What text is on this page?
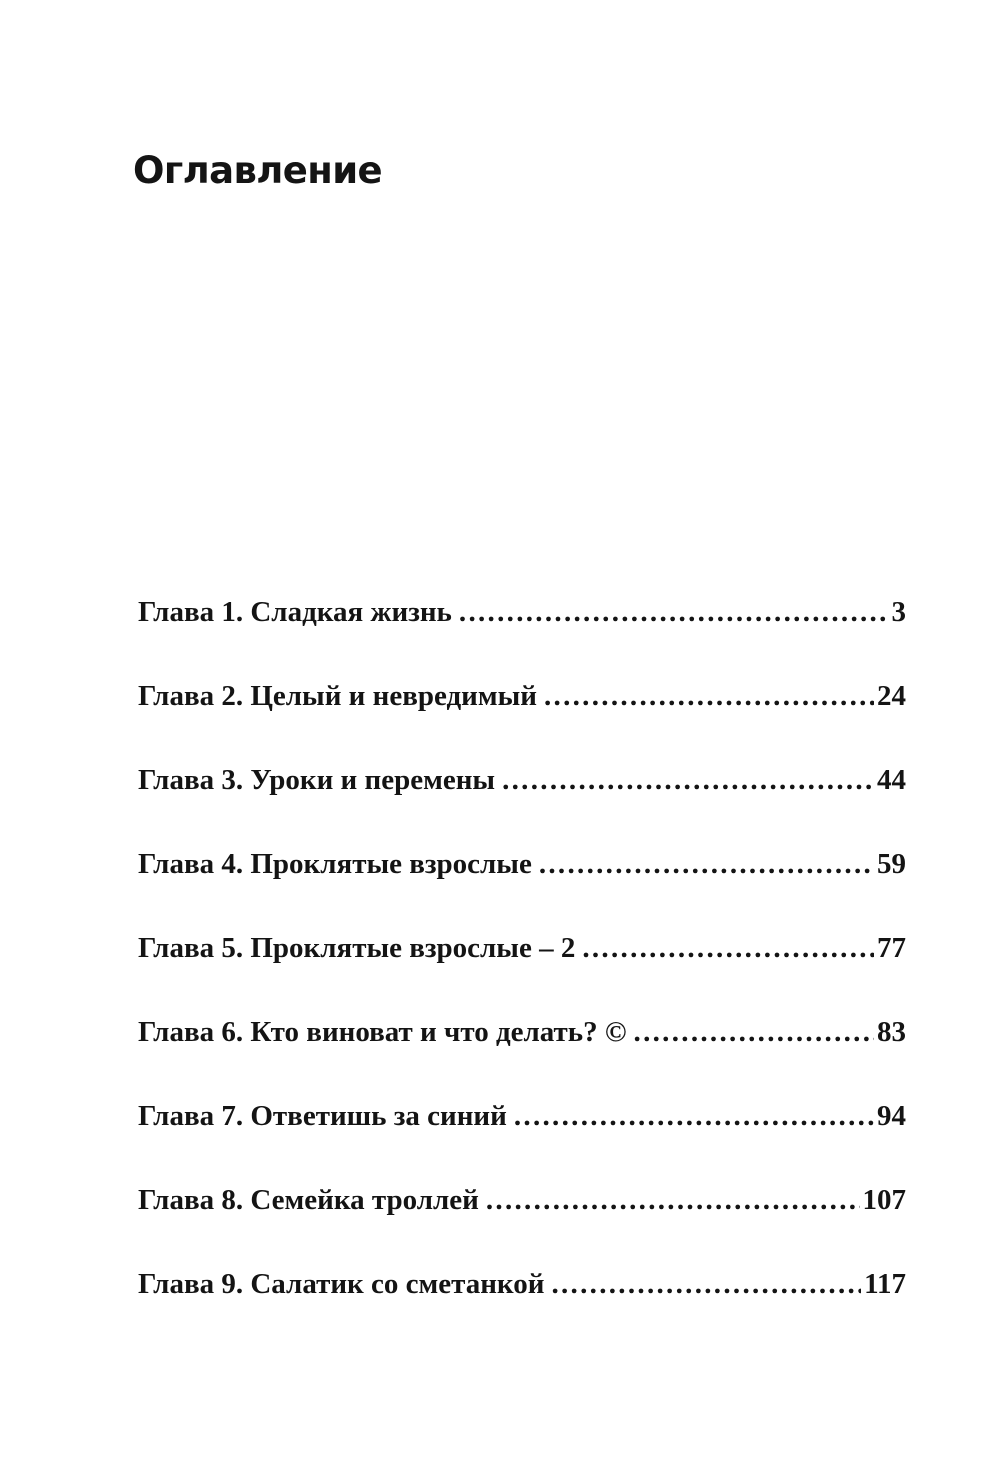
Оглавление
Глава 1. Сладкая жизнь .....	3
Глава 2. Целый и невредимый .....	24
Глава 3. Уроки и перемены .....	44
Глава 4. Проклятые взрослые .....	59
Глава 5. Проклятые взрослые – 2 .....	77
Глава 6. Кто виноват и что делать? © .....	83
Глава 7. Ответишь за синий .....	94
Глава 8. Семейка троллей .....	107
Глава 9. Салатик со сметанкой .....	117
